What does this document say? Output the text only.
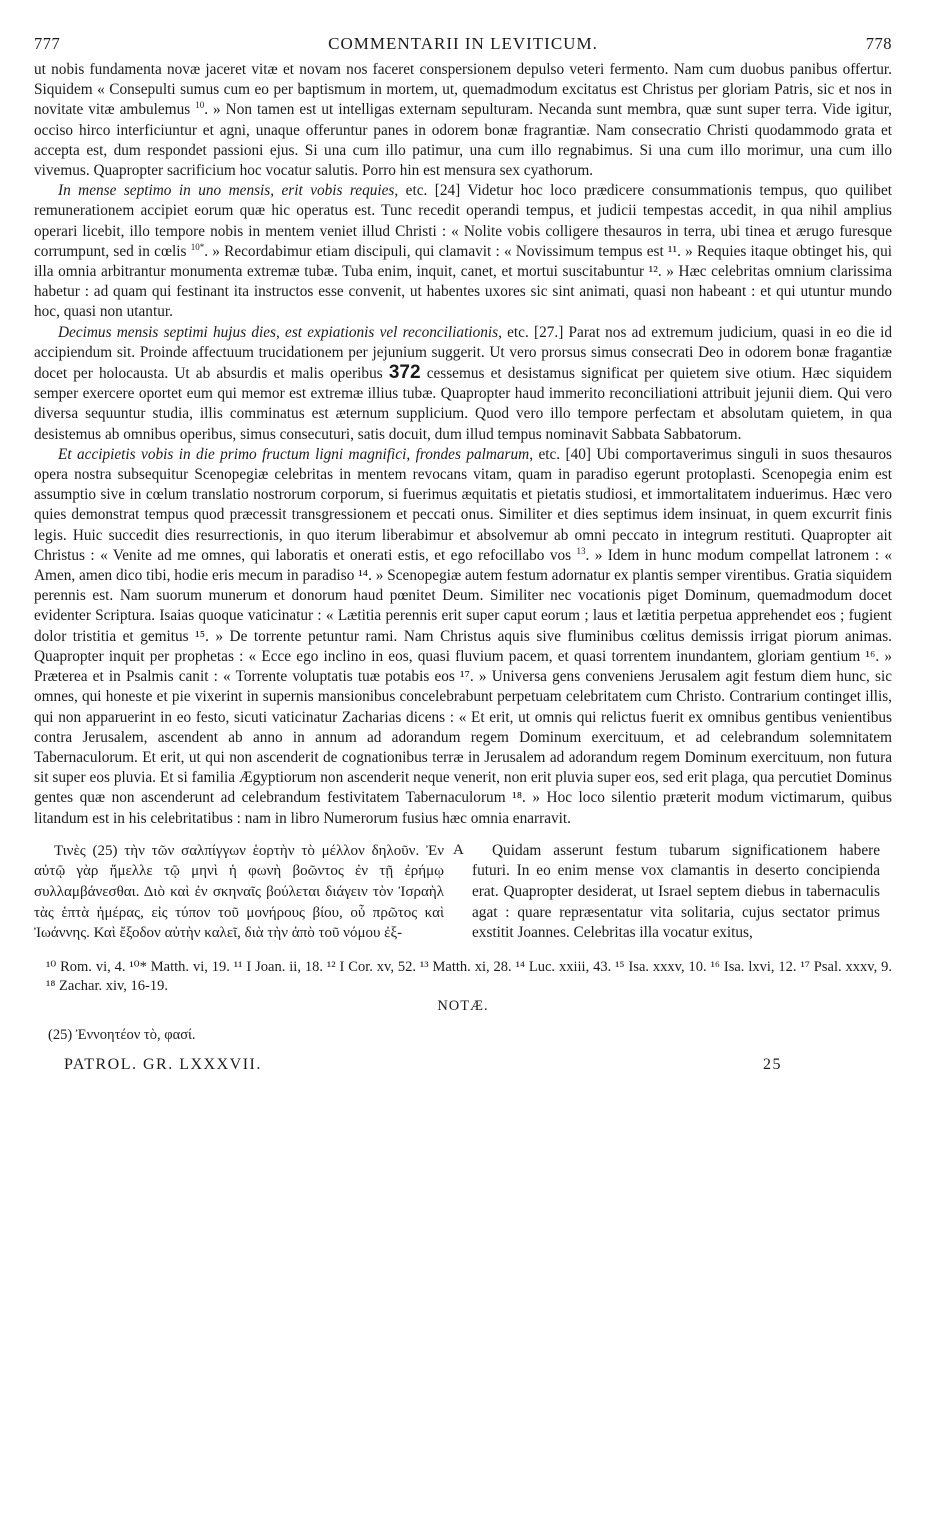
777	COMMENTARII IN LEVITICUM.	778

ut nobis fundamenta novæ jaceret vitæ et novam nos faceret conspersionem depulso veteri fermento. Nam cum duobus panibus offertur. Siquidem « Consepulti sumus cum eo per baptismum in mortem, ut, quemadmodum excitatus est Christus per gloriam Patris, sic et nos in novitate vitæ ambulemus $^{10}$. » Non tamen est ut intelligas externam sepulturam. Necanda sunt membra, quæ sunt super terra. Vide igitur, occiso hirco interficiuntur et agni, unaque offeruntur panes in odorem bonæ fragrantiæ. Nam consecratio Christi quodammodo grata et accepta est, dum respondet passioni ejus. Si una cum illo patimur, una cum illo regnabimus. Si una cum illo morimur, una cum illo vivemus. Quapropter sacrificium hoc vocatur salutis. Porro hin est mensura sex cyathorum.

In mense septimo in uno mensis, erit vobis requies, etc. [24] Videtur hoc loco prædicere consummationis tempus, quo quilibet remunerationem accipiet eorum quæ hic operatus est. Tunc recedit operandi tempus, et judicii tempestas accedit, in qua nihil amplius operari licebit, illo tempore nobis in mentem veniet illud Christi : « Nolite vobis colligere thesauros in terra, ubi tinea et ærugo furesque corrumpunt, sed in cœlis $^{10*}$. » Recordabimur etiam discipuli, qui clamavit : « Novissimum tempus est ¹¹. » Requies itaque obtinget his, qui illa omnia arbitrantur monumenta extremæ tubæ. Tuba enim, inquit, canet, et mortui suscitabuntur ¹². » Hæc celebritas omnium clarissima habetur : ad quam qui festinant ita instructos esse convenit, ut habentes uxores sic sint animati, quasi non habeant : et qui utuntur mundo hoc, quasi non utantur.

Decimus mensis septimi hujus dies, est expiationis vel reconciliationis, etc. [27.] Parat nos ad extremum judicium, quasi in eo die id accipiendum sit. Proinde affectuum trucidationem per jejunium suggerit. Ut vero prorsus simus consecrati Deo in odorem bonæ fragantiæ docet per holocausta. Ut ab absurdis et malis operibus 372 cessemus et desistamus significat per quietem sive otium. Hæc siquidem semper exercere oportet eum qui memor est extremæ illius tubæ. Quapropter haud immerito reconciliationi attribuit jejunii diem. Qui vero diversa sequuntur studia, illis comminatus est æternum supplicium. Quod vero illo tempore perfectam et absolutam quietem, in qua desistemus ab omnibus operibus, simus consecuturi, satis docuit, dum illud tempus nominavit Sabbata Sabbatorum.

Et accipietis vobis in die primo fructum ligni magnifici, frondes palmarum, etc. [40] Ubi comportaverimus singuli in suos thesauros opera nostra subsequitur Scenopegiæ celebritas in mentem revocans vitam, quam in paradiso egerunt protoplasti. Scenopegia enim est assumptio sive in cœlum translatio nostrorum corporum, si fuerimus æquitatis et pietatis studiosi, et immortalitatem induerimus. Hæc vero quies demonstrat tempus quod præcessit transgressionem et peccati onus. Similiter et dies septimus idem insinuat, in quem excurrit finis legis. Huic succedit dies resurrectionis, in quo iterum liberabimur et absolvemur ab omni peccato in integrum restituti. Quapropter ait Christus : « Venite ad me omnes, qui laboratis et onerati estis, et ego refocillabo vos $^{13}$. » Idem in hunc modum compellat latronem : « Amen, amen dico tibi, hodie eris mecum in paradiso ¹⁴. » Scenopegiæ autem festum adornatur ex plantis semper virentibus. Gratia siquidem perennis est. Nam suorum munerum et donorum haud pœnitet Deum. Similiter nec vocationis piget Dominum, quemadmodum docet evidenter Scriptura. Isaias quoque vaticinatur : « Lætitia perennis erit super caput eorum ; laus et lætitia perpetua apprehendet eos ; fugient dolor tristitia et gemitus ¹⁵. » De torrente petuntur rami. Nam Christus aquis sive fluminibus cœlitus demissis irrigat piorum animas. Quapropter inquit per prophetas : « Ecce ego inclino in eos, quasi fluvium pacem, et quasi torrentem inundantem, gloriam gentium ¹⁶. » Præterea et in Psalmis canit : « Torrente voluptatis tuæ potabis eos ¹⁷. » Universa gens conveniens Jerusalem agit festum diem hunc, sic omnes, qui honeste et pie vixerint in supernis mansionibus concelebrabunt perpetuam celebritatem cum Christo. Contrarium continget illis, qui non apparuerint in eo festo, sicuti vaticinatur Zacharias dicens : « Et erit, ut omnis qui relictus fuerit ex omnibus gentibus venientibus contra Jerusalem, ascendent ab anno in annum ad adorandum regem Dominum exercituum, et ad celebrandum solemnitatem Tabernaculorum. Et erit, ut qui non ascenderit de cognationibus terræ in Jerusalem ad adorandum regem Dominum exercituum, non futura sit super eos pluvia. Et si familia Ægyptiorum non ascenderit neque venerit, non erit pluvia super eos, sed erit plaga, qua percutiet Dominus gentes quæ non ascenderunt ad celebrandum festivitatem Tabernaculorum ¹⁸. » Hoc loco silentio præterit modum victimarum, quibus litandum est in his celebritatibus : nam in libro Numerorum fusius hæc omnia enarravit.

Τινὲς (25) τὴν τῶν σαλπίγγων ἑορτὴν τὸ μέλλον δηλοῦν. Ἐν αὐτῷ γὰρ ἤμελλε τῷ μηνὶ ἡ φωνὴ βοῶντος ἐν τῇ ἐρήμῳ συλλαμβάνεσθαι. Διὸ καὶ ἐν σκηναῖς βούλεται διάγειν τὸν Ἰσραὴλ τὰς ἑπτὰ ἡμέρας, εἰς τύπον τοῦ μονήρους βίου, οὗ πρῶτος καὶ Ἰωάννης. Καὶ ἔξοδον αὐτὴν καλεῖ, διὰ τὴν ἀπὸ τοῦ νόμου ἐξ-

A	Quidam asserunt festum tubarum significationem habere futuri. In eo enim mense vox clamantis in deserto concipienda erat. Quapropter desiderat, ut Israel septem diebus in tabernaculis agat : quare repræsentatur vita solitaria, cujus sectator primus exstitit Joannes. Celebritas illa vocatur exitus,

¹⁰ Rom. vi, 4. ¹⁰* Matth. vi, 19. ¹¹ I Joan. ii, 18. ¹² I Cor. xv, 52. ¹³ Matth. xi, 28. ¹⁴ Luc. xxiii, 43. ¹⁵ Isa. xxxv, 10. ¹⁶ Isa. lxvi, 12. ¹⁷ Psal. xxxv, 9. ¹⁸ Zachar. xiv, 16-19.
NOTÆ.
(25) Ἐννοητέον τὸ, φασί.
PATROL. GR. LXXXVII.	25
